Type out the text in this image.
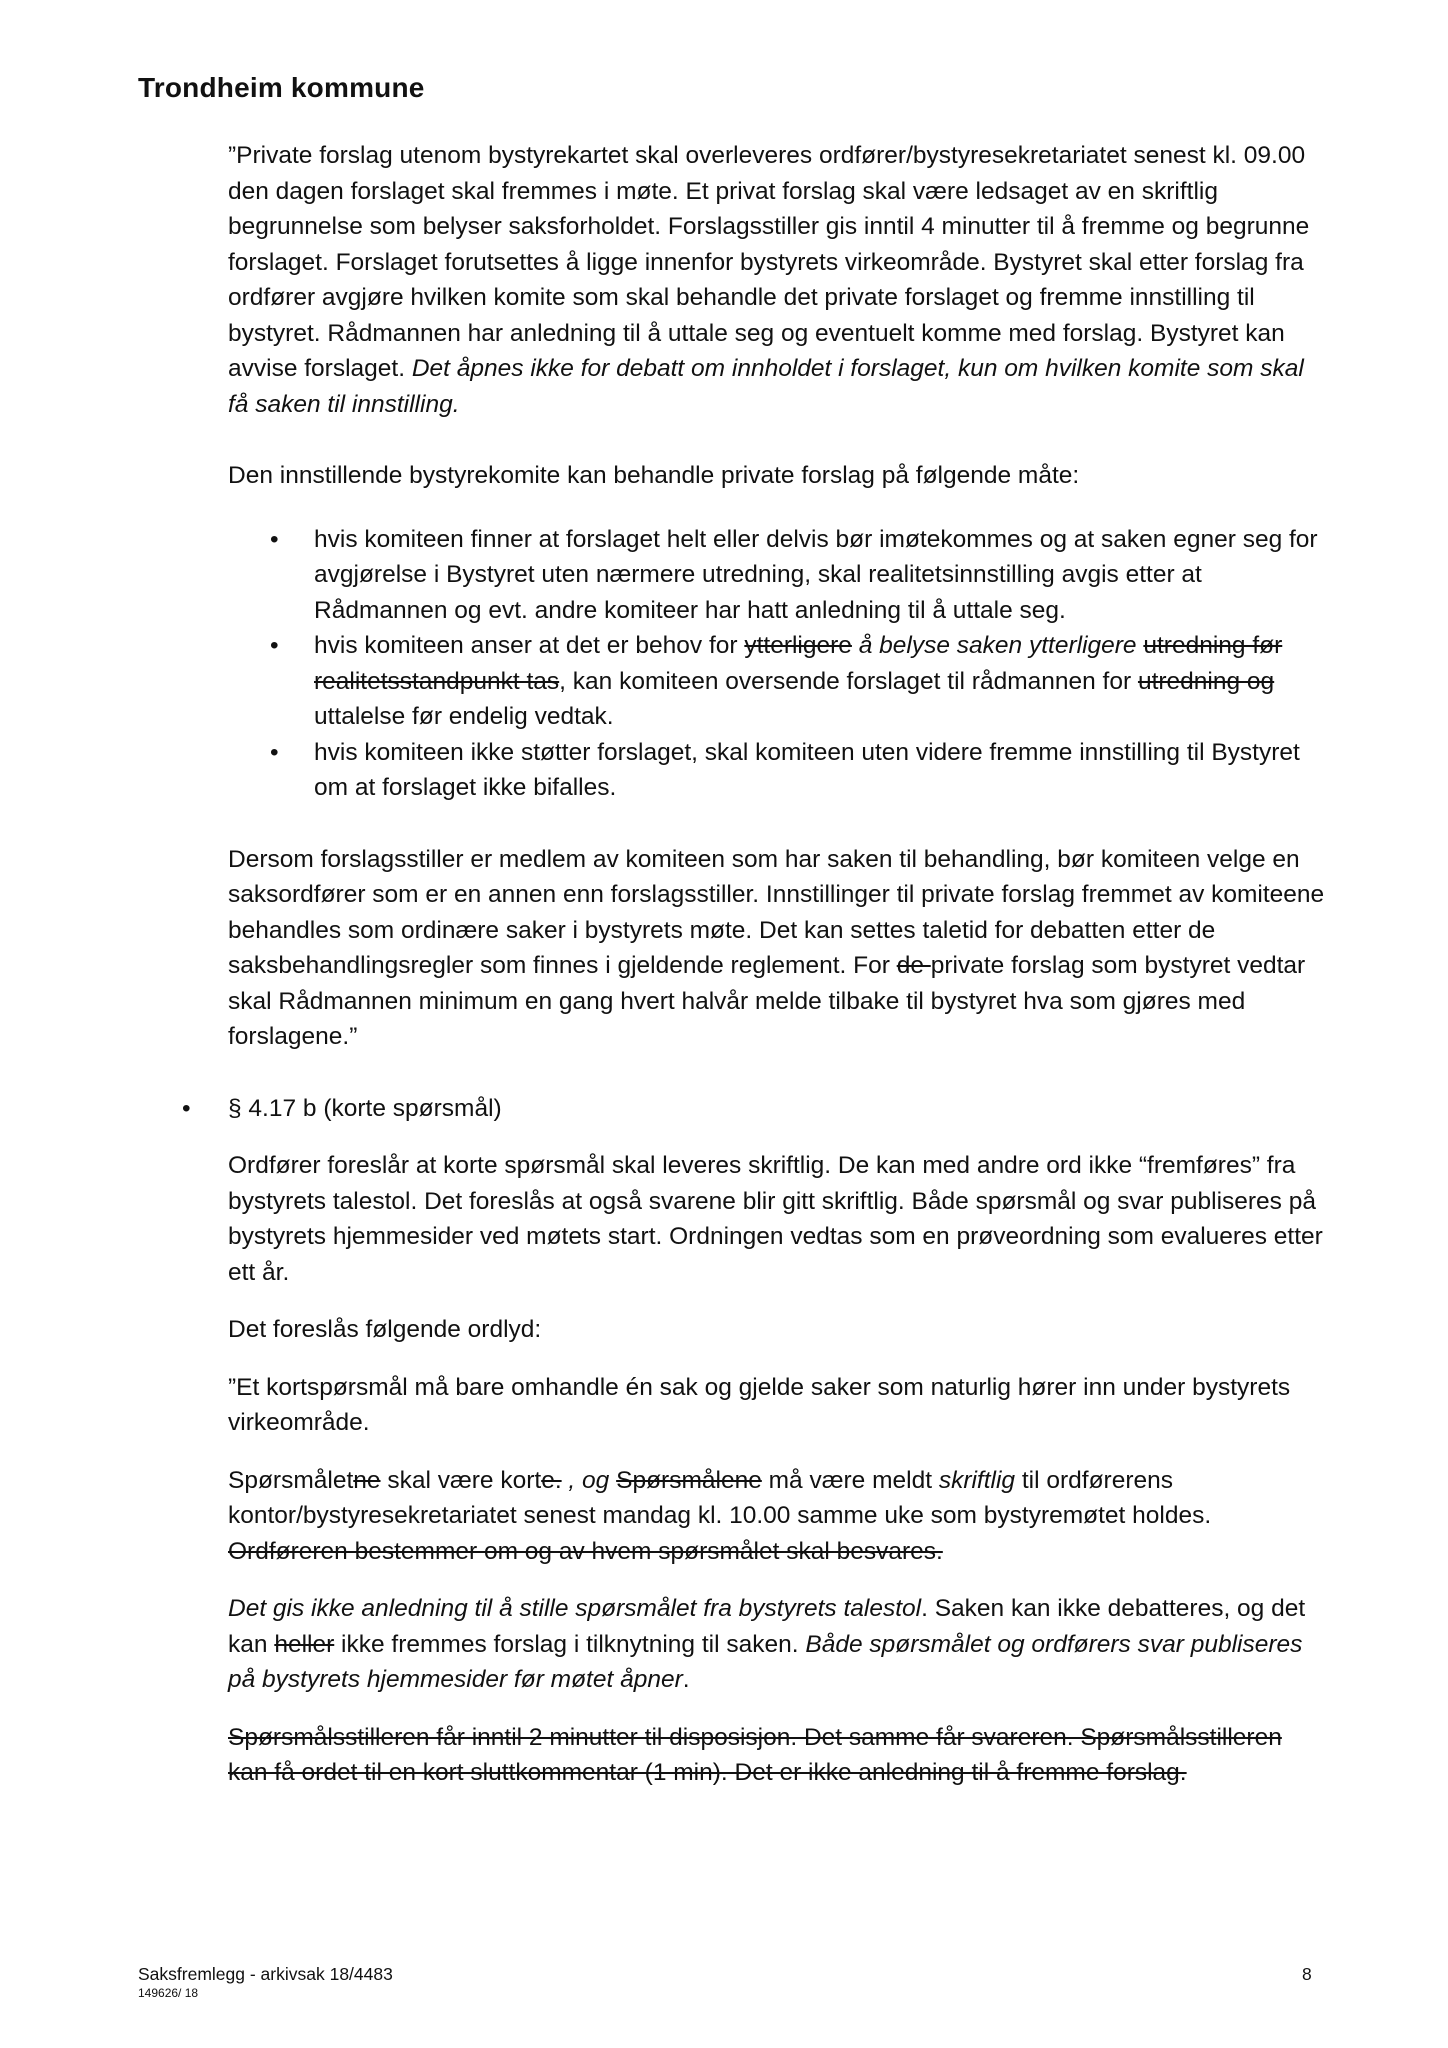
Trondheim kommune

”Private forslag utenom bystyrekartet skal overleveres ordfører/bystyresekretariatet senest kl. 09.00 den dagen forslaget skal fremmes i møte. Et privat forslag skal være ledsaget av en skriftlig begrunnelse som belyser saksforholdet. Forslagsstiller gis inntil 4 minutter til å fremme og begrunne forslaget. Forslaget forutsettes å ligge innenfor bystyrets virkeområde. Bystyret skal etter forslag fra ordfører avgjøre hvilken komite som skal behandle det private forslaget og fremme innstilling til bystyret. Rådmannen har anledning til å uttale seg og eventuelt komme med forslag. Bystyret kan avvise forslaget. Det åpnes ikke for debatt om innholdet i forslaget, kun om hvilken komite som skal få saken til innstilling.

Den innstillende bystyrekomite kan behandle private forslag på følgende måte:

• hvis komiteen finner at forslaget helt eller delvis bør imøtekommes og at saken egner seg for avgjørelse i Bystyret uten nærmere utredning, skal realitetsinnstilling avgis etter at Rådmannen og evt. andre komiteer har hatt anledning til å uttale seg.
• hvis komiteen anser at det er behov for ytterligere å belyse saken ytterligere utredning før realitetsstandpunkt tas, kan komiteen oversende forslaget til rådmannen for utredning og uttalelse før endelig vedtak.
• hvis komiteen ikke støtter forslaget, skal komiteen uten videre fremme innstilling til Bystyret om at forslaget ikke bifalles.

Dersom forslagsstiller er medlem av komiteen som har saken til behandling, bør komiteen velge en saksordfører som er en annen enn forslagsstiller. Innstillinger til private forslag fremmet av komiteene behandles som ordinære saker i bystyrets møte. Det kan settes taletid for debatten etter de saksbehandlingsregler som finnes i gjeldende reglement. For de private forslag som bystyret vedtar skal Rådmannen minimum en gang hvert halvår melde tilbake til bystyret hva som gjøres med forslagene.”

• § 4.17 b (korte spørsmål)

Ordfører foreslår at korte spørsmål skal leveres skriftlig. De kan med andre ord ikke “fremføres” fra bystyrets talestol. Det foreslås at også svarene blir gitt skriftlig. Både spørsmål og svar publiseres på bystyrets hjemmesider ved møtets start. Ordningen vedtas som en prøveordning som evalueres etter ett år.

Det foreslås følgende ordlyd:

”Et kortspørsmål må bare omhandle én sak og gjelde saker som naturlig hører inn under bystyrets virkeområde.

Spørsmåletne skal være korte. , og Spørsmålene må være meldt skriftlig til ordførerens kontor/bystyresekretariatet senest mandag kl. 10.00 samme uke som bystyremøtet holdes. Ordføreren bestemmer om og av hvem spørsmålet skal besvares.

Det gis ikke anledning til å stille spørsmålet fra bystyrets talestol. Saken kan ikke debatteres, og det kan heller ikke fremmes forslag i tilknytning til saken. Både spørsmålet og ordførers svar publiseres på bystyrets hjemmesider før møtet åpner.

Spørsmålsstilleren får inntil 2 minutter til disposisjon. Det samme får svareren. Spørsmålsstilleren kan få ordet til en kort sluttkommentar (1 min). Det er ikke anledning til å fremme forslag.

Saksfremlegg - arkivsak 18/4483
149626/ 18
8
